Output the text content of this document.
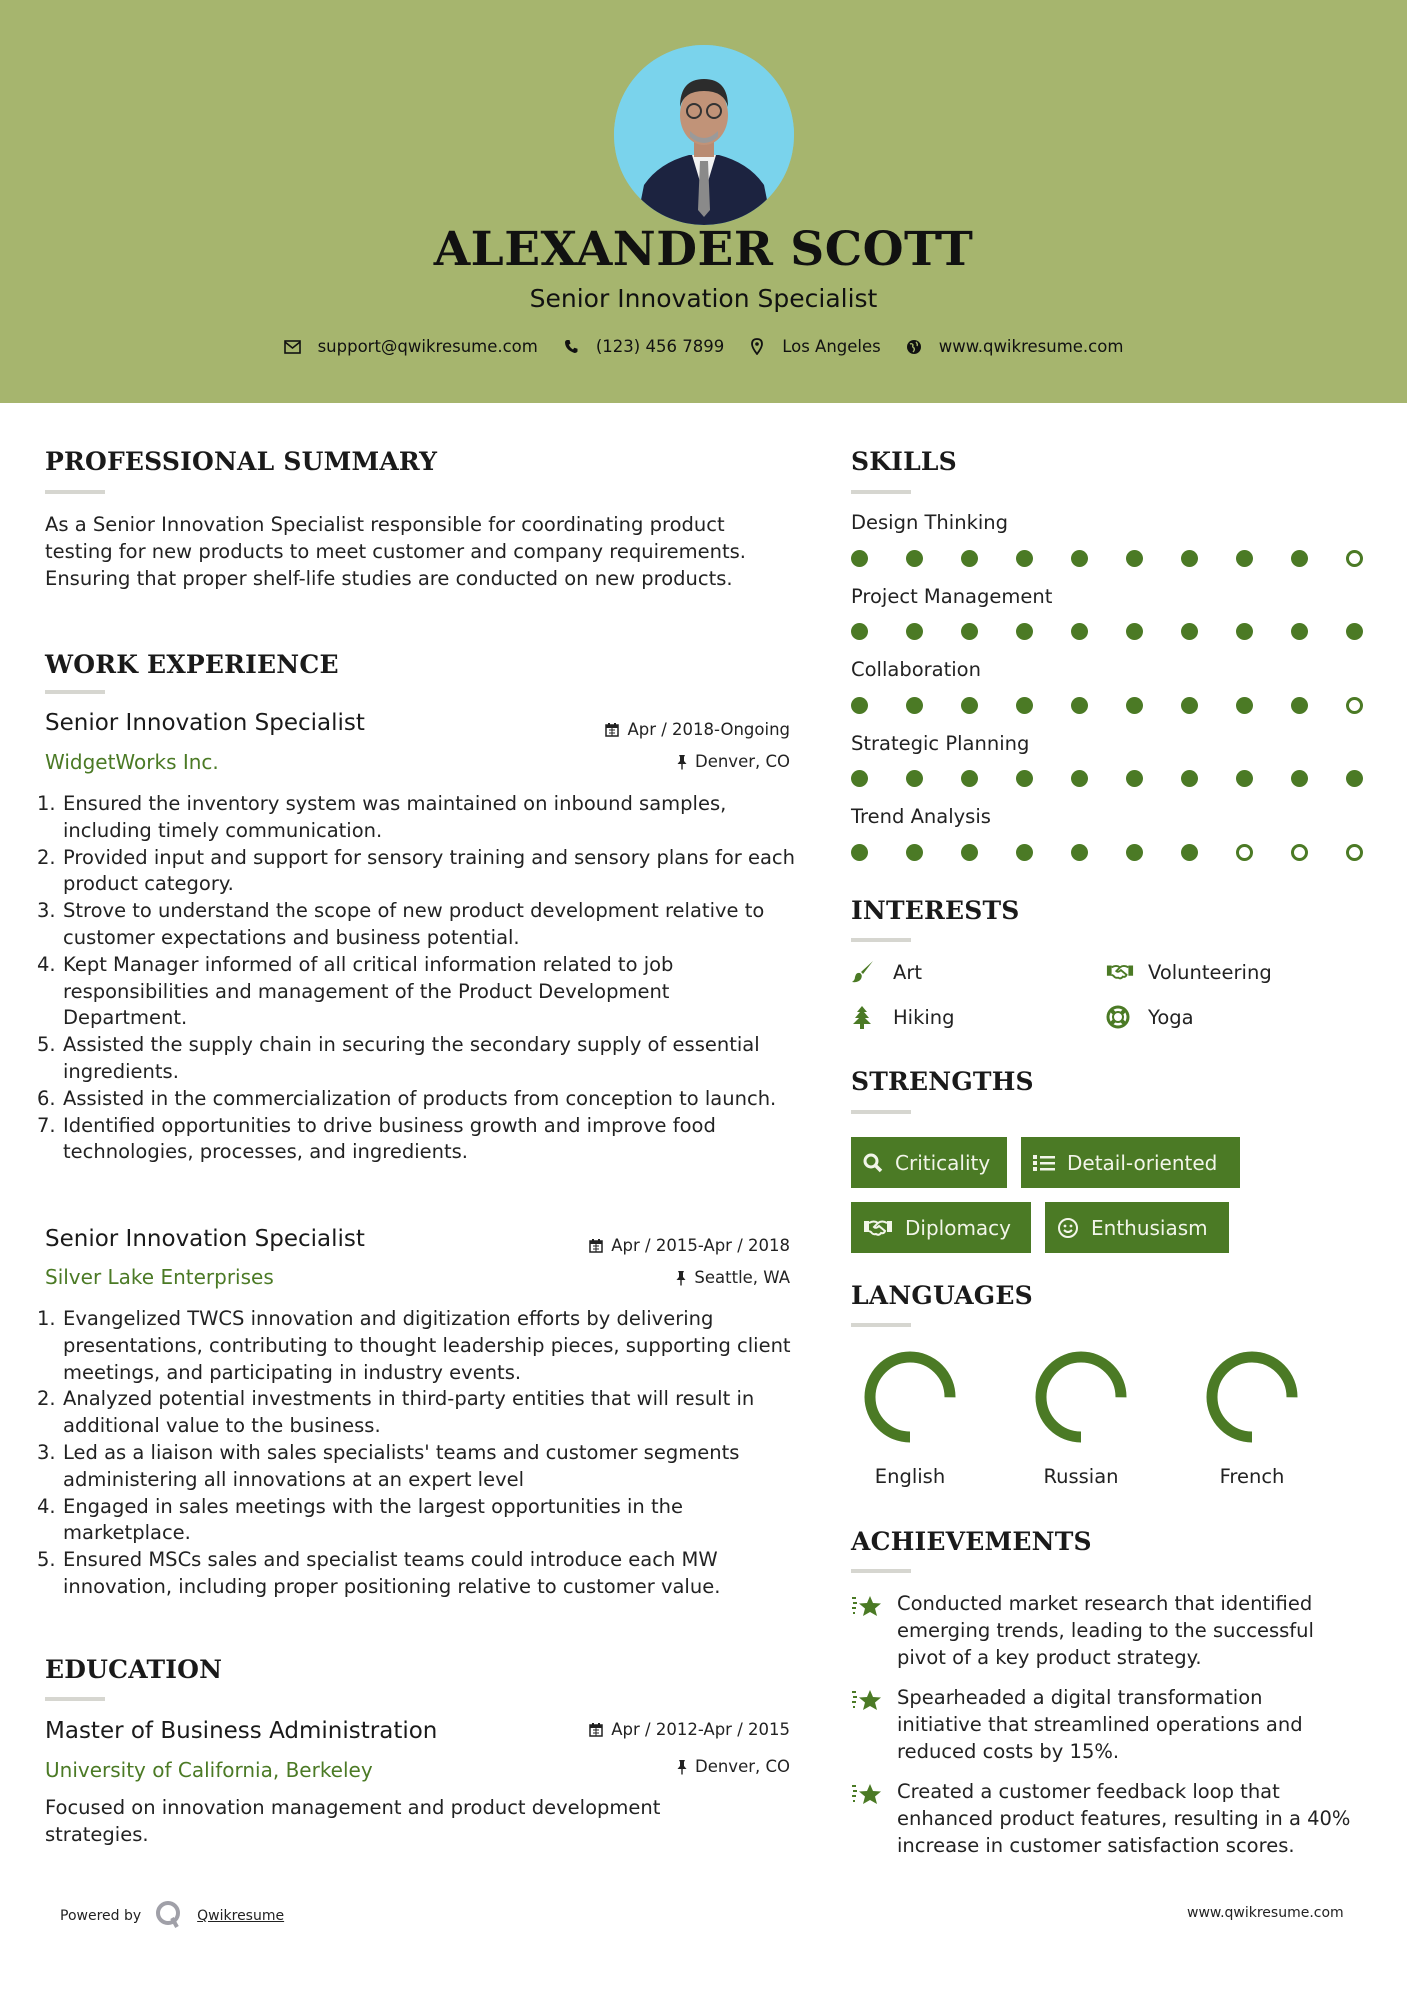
ALEXANDER SCOTT
Senior Innovation Specialist
support@qwikresume.com	(123) 456 7899	Los Angeles	www.qwikresume.com
PROFESSIONAL SUMMARY
As a Senior Innovation Specialist responsible for coordinating product testing for new products to meet customer and company requirements. Ensuring that proper shelf-life studies are conducted on new products.
WORK EXPERIENCE
Senior Innovation Specialist	Apr / 2018-Ongoing
WidgetWorks Inc.	Denver, CO
1. Ensured the inventory system was maintained on inbound samples, including timely communication.
2. Provided input and support for sensory training and sensory plans for each product category.
3. Strove to understand the scope of new product development relative to customer expectations and business potential.
4. Kept Manager informed of all critical information related to job responsibilities and management of the Product Development Department.
5. Assisted the supply chain in securing the secondary supply of essential ingredients.
6. Assisted in the commercialization of products from conception to launch.
7. Identified opportunities to drive business growth and improve food technologies, processes, and ingredients.
Senior Innovation Specialist	Apr / 2015-Apr / 2018
Silver Lake Enterprises	Seattle, WA
1. Evangelized TWCS innovation and digitization efforts by delivering presentations, contributing to thought leadership pieces, supporting client meetings, and participating in industry events.
2. Analyzed potential investments in third-party entities that will result in additional value to the business.
3. Led as a liaison with sales specialists' teams and customer segments administering all innovations at an expert level
4. Engaged in sales meetings with the largest opportunities in the marketplace.
5. Ensured MSCs sales and specialist teams could introduce each MW innovation, including proper positioning relative to customer value.
EDUCATION
Master of Business Administration	Apr / 2012-Apr / 2015
University of California, Berkeley	Denver, CO
Focused on innovation management and product development strategies.
SKILLS
Design Thinking
Project Management
Collaboration
Strategic Planning
Trend Analysis
INTERESTS
Art	Volunteering
Hiking	Yoga
STRENGTHS
Criticality	Detail-oriented
Diplomacy	Enthusiasm
LANGUAGES
English	Russian	French
ACHIEVEMENTS
Conducted market research that identified emerging trends, leading to the successful pivot of a key product strategy.
Spearheaded a digital transformation initiative that streamlined operations and reduced costs by 15%.
Created a customer feedback loop that enhanced product features, resulting in a 40% increase in customer satisfaction scores.
Powered by	Qwikresume	www.qwikresume.com
